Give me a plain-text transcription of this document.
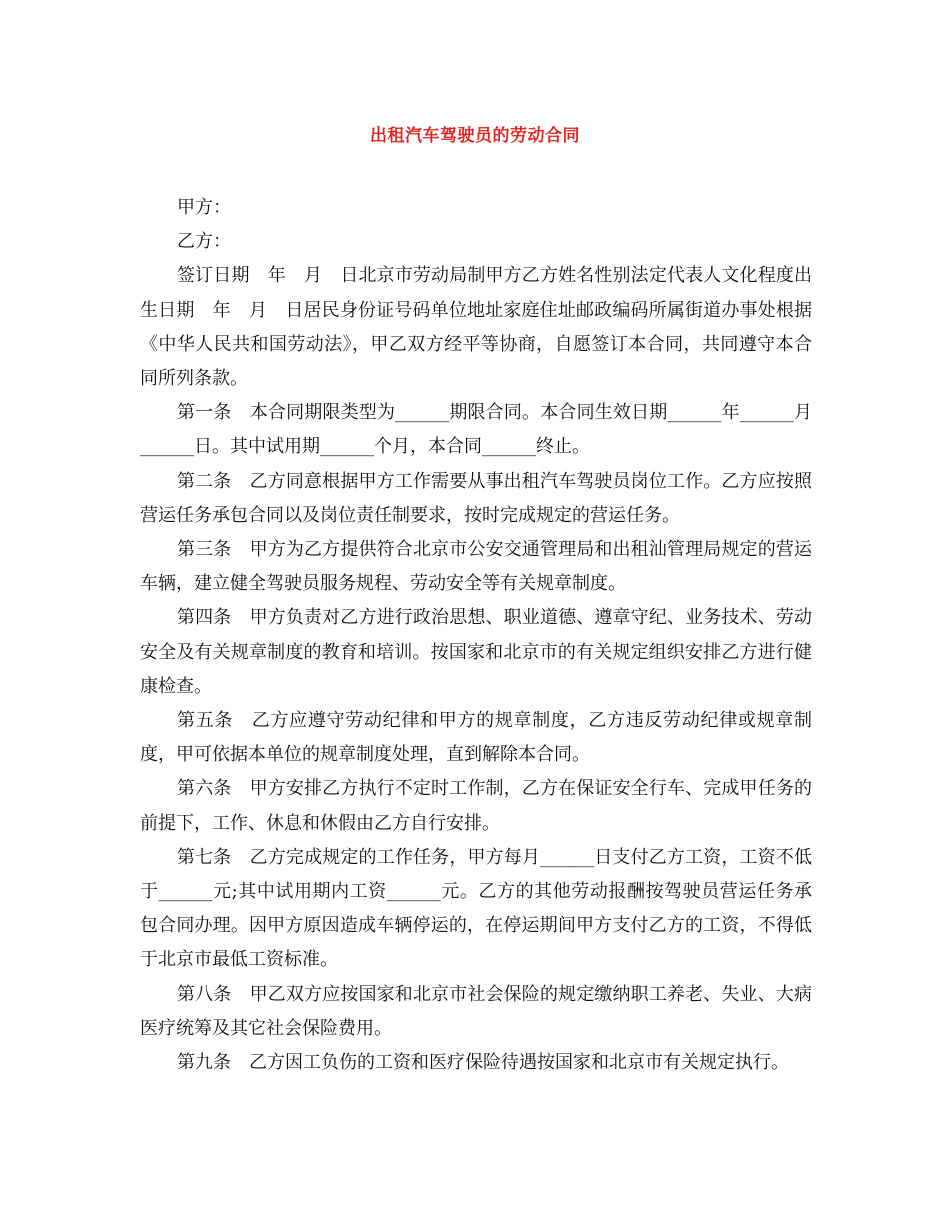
出租汽车驾驶员的劳动合同

甲方：

乙方：

签订日期　年　月　日北京市劳动局制甲方乙方姓名性别法定代表人文化程度出生日期　年　月　日居民身份证号码单位地址家庭住址邮政编码所属街道办事处根据《中华人民共和国劳动法》，甲乙双方经平等协商，自愿签订本合同，共同遵守本合同所列条款。

第一条　本合同期限类型为______期限合同。本合同生效日期______年______月______日。其中试用期______个月，本合同______终止。

第二条　乙方同意根据甲方工作需要从事出租汽车驾驶员岗位工作。乙方应按照营运任务承包合同以及岗位责任制要求，按时完成规定的营运任务。

第三条　甲方为乙方提供符合北京市公安交通管理局和出租汕管理局规定的营运车辆，建立健全驾驶员服务规程、劳动安全等有关规章制度。

第四条　甲方负责对乙方进行政治思想、职业道德、遵章守纪、业务技术、劳动安全及有关规章制度的教育和培训。按国家和北京市的有关规定组织安排乙方进行健康检查。

第五条　乙方应遵守劳动纪律和甲方的规章制度，乙方违反劳动纪律或规章制度，甲可依据本单位的规章制度处理，直到解除本合同。

第六条　甲方安排乙方执行不定时工作制，乙方在保证安全行车、完成甲任务的前提下，工作、休息和休假由乙方自行安排。

第七条　乙方完成规定的工作任务，甲方每月______日支付乙方工资，工资不低于______元;其中试用期内工资______元。乙方的其他劳动报酬按驾驶员营运任务承包合同办理。因甲方原因造成车辆停运的，在停运期间甲方支付乙方的工资，不得低于北京市最低工资标准。

第八条　甲乙双方应按国家和北京市社会保险的规定缴纳职工养老、失业、大病医疗统筹及其它社会保险费用。

第九条　乙方因工负伤的工资和医疗保险待遇按国家和北京市有关规定执行。
